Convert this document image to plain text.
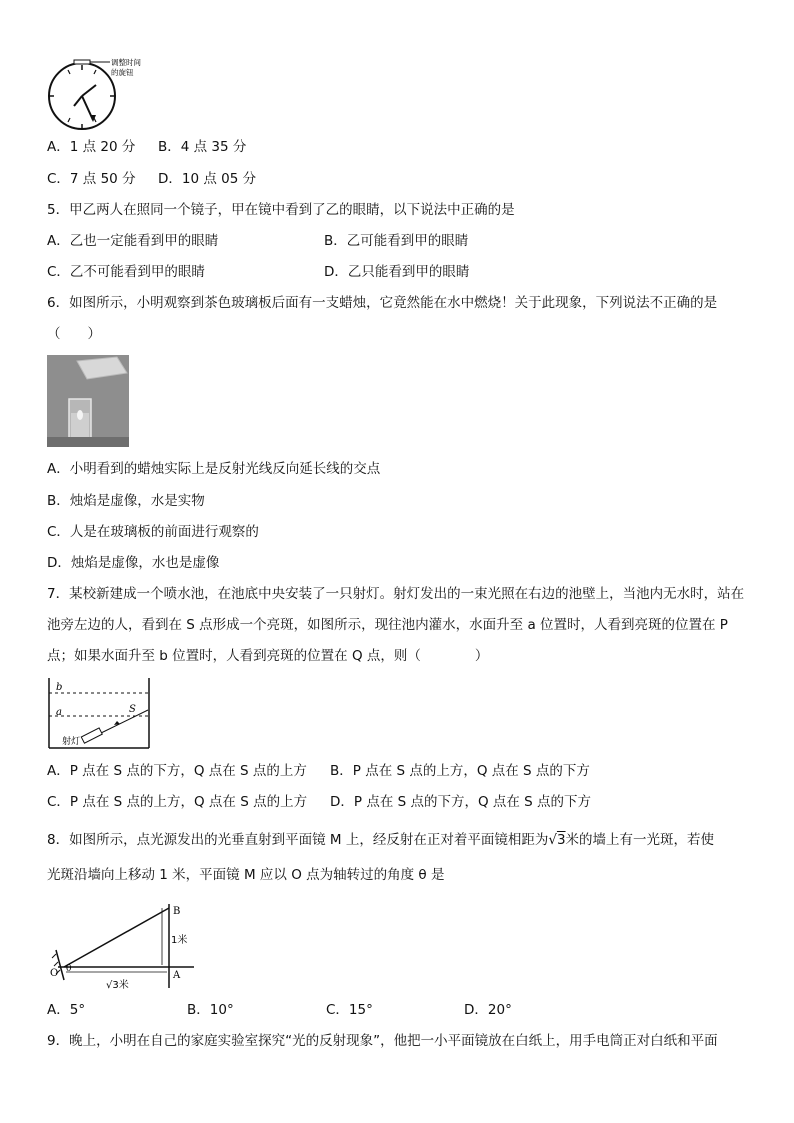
调整时间
的旋钮
A．1 点 20 分 B．4 点 35 分
C．7 点 50 分 D．10 点 05 分
5．甲乙两人在照同一个镜子，甲在镜中看到了乙的眼睛，以下说法中正确的是
A．乙也一定能看到甲的眼睛	B．乙可能看到甲的眼睛
C．乙不可能看到甲的眼睛	D．乙只能看到甲的眼睛
6．如图所示，小明观察到茶色玻璃板后面有一支蜡烛，它竟然能在水中燃烧！关于此现象，下列说法不正确的是
（　　）
A．小明看到的蜡烛实际上是反射光线反向延长线的交点
B．烛焰是虚像，水是实物
C．人是在玻璃板的前面进行观察的
D．烛焰是虚像，水也是虚像
7．某校新建成一个喷水池，在池底中央安装了一只射灯。射灯发出的一束光照在右边的池壁上，当池内无水时，站在
池旁左边的人，看到在 S 点形成一个亮斑，如图所示，现往池内灌水，水面升至 a 位置时，人看到亮斑的位置在 P
点；如果水面升至 b 位置时，人看到亮斑的位置在 Q 点，则（　　　　）
b
a	S
射灯
A．P 点在 S 点的下方，Q 点在 S 点的上方 B．P 点在 S 点的上方，Q 点在 S 点的下方
C．P 点在 S 点的上方，Q 点在 S 点的上方 D．P 点在 S 点的下方，Q 点在 S 点的下方
8．如图所示，点光源发出的光垂直射到平面镜 M 上，经反射在正对着平面镜相距为√3米的墙上有一光斑，若使
光斑沿墙向上移动 1 米，平面镜 M 应以 O 点为轴转过的角度 θ 是
B
A
1米
√3米
O θ
A．5°	B．10°	C．15°	D．20°
9．晚上，小明在自己的家庭实验室探究“光的反射现象”，他把一小平面镜放在白纸上，用手电筒正对白纸和平面
